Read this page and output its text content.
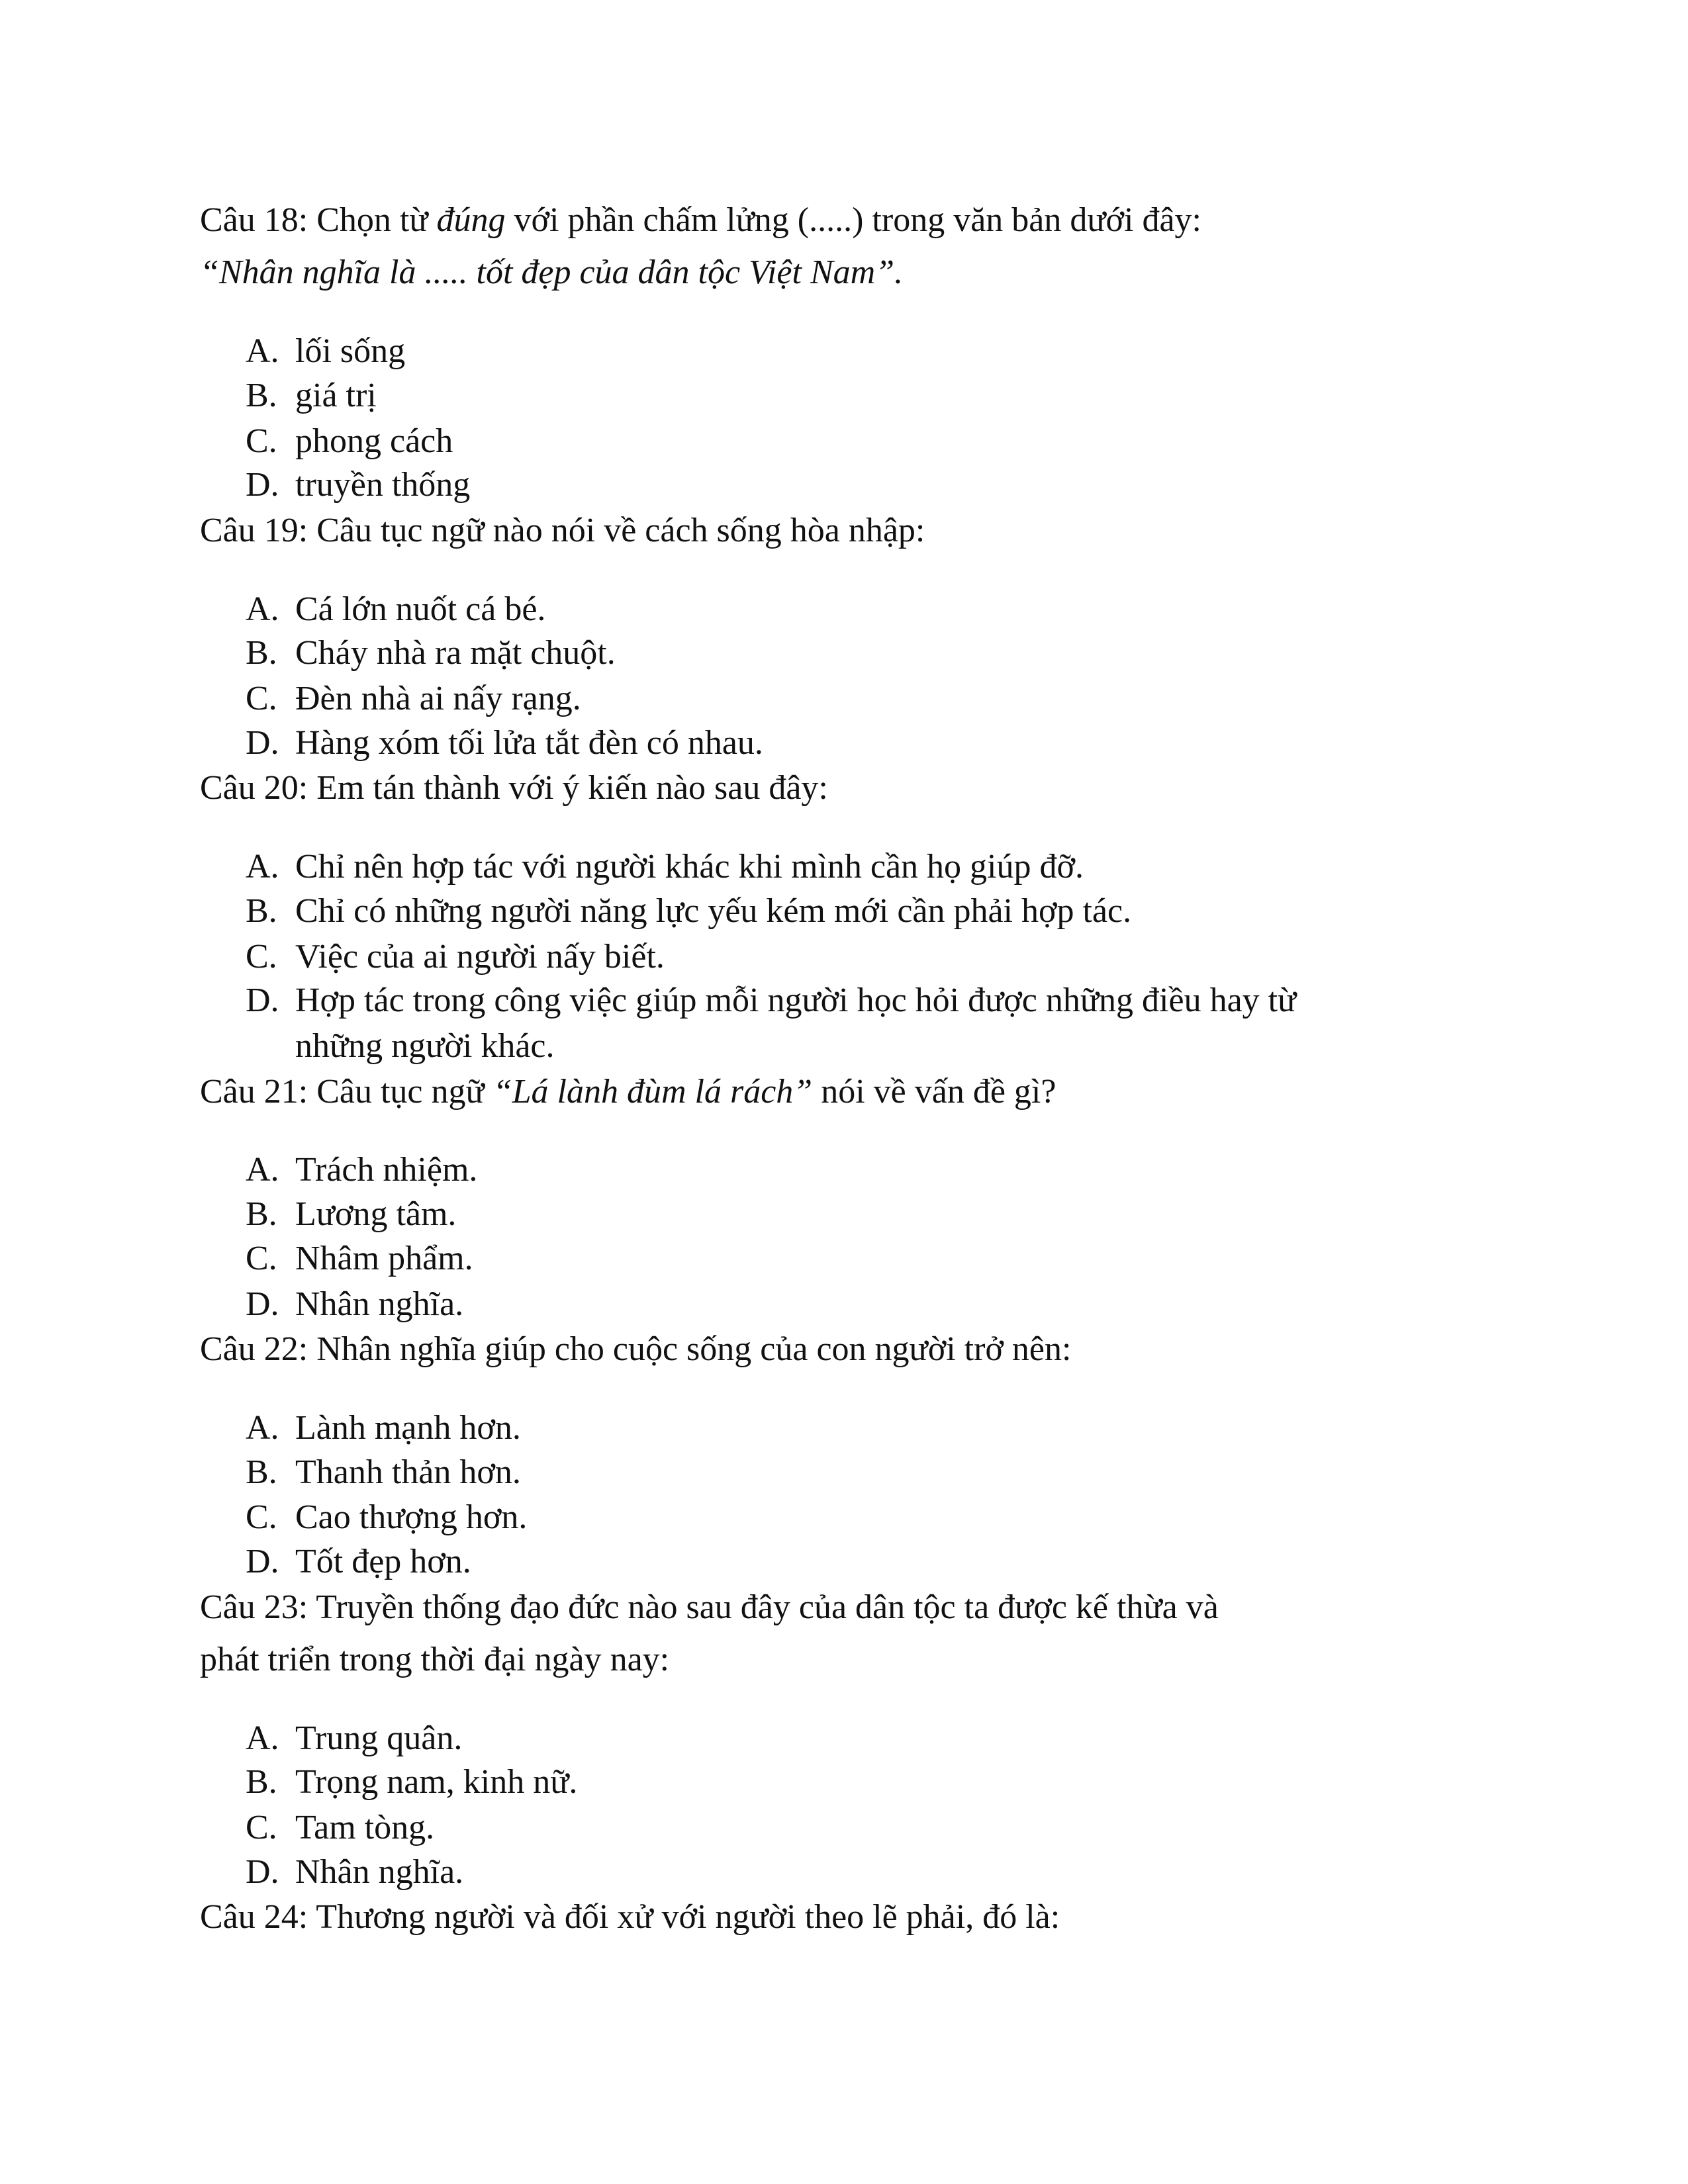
Câu 18: Chọn từ đúng với phần chấm lửng (.....) trong văn bản dưới đây:
“Nhân nghĩa là ..... tốt đẹp của dân tộc Việt Nam”.
A. lối sống
B. giá trị
C. phong cách
D. truyền thống
Câu 19: Câu tục ngữ nào nói về cách sống hòa nhập:
A. Cá lớn nuốt cá bé.
B. Cháy nhà ra mặt chuột.
C. Đèn nhà ai nấy rạng.
D. Hàng xóm tối lửa tắt đèn có nhau.
Câu 20: Em tán thành với ý kiến nào sau đây:
A. Chỉ nên hợp tác với người khác khi mình cần họ giúp đỡ.
B. Chỉ có những người năng lực yếu kém mới cần phải hợp tác.
C. Việc của ai người nấy biết.
D. Hợp tác trong công việc giúp mỗi người học hỏi được những điều hay từ
những người khác.
Câu 21: Câu tục ngữ “Lá lành đùm lá rách” nói về vấn đề gì?
A. Trách nhiệm.
B. Lương tâm.
C. Nhâm phẩm.
D. Nhân nghĩa.
Câu 22: Nhân nghĩa giúp cho cuộc sống của con người trở nên:
A. Lành mạnh hơn.
B. Thanh thản hơn.
C. Cao thượng hơn.
D. Tốt đẹp hơn.
Câu 23: Truyền thống đạo đức nào sau đây của dân tộc ta được kế thừa và
phát triển trong thời đại ngày nay:
A. Trung quân.
B. Trọng nam, kinh nữ.
C. Tam tòng.
D. Nhân nghĩa.
Câu 24: Thương người và đối xử với người theo lẽ phải, đó là:
